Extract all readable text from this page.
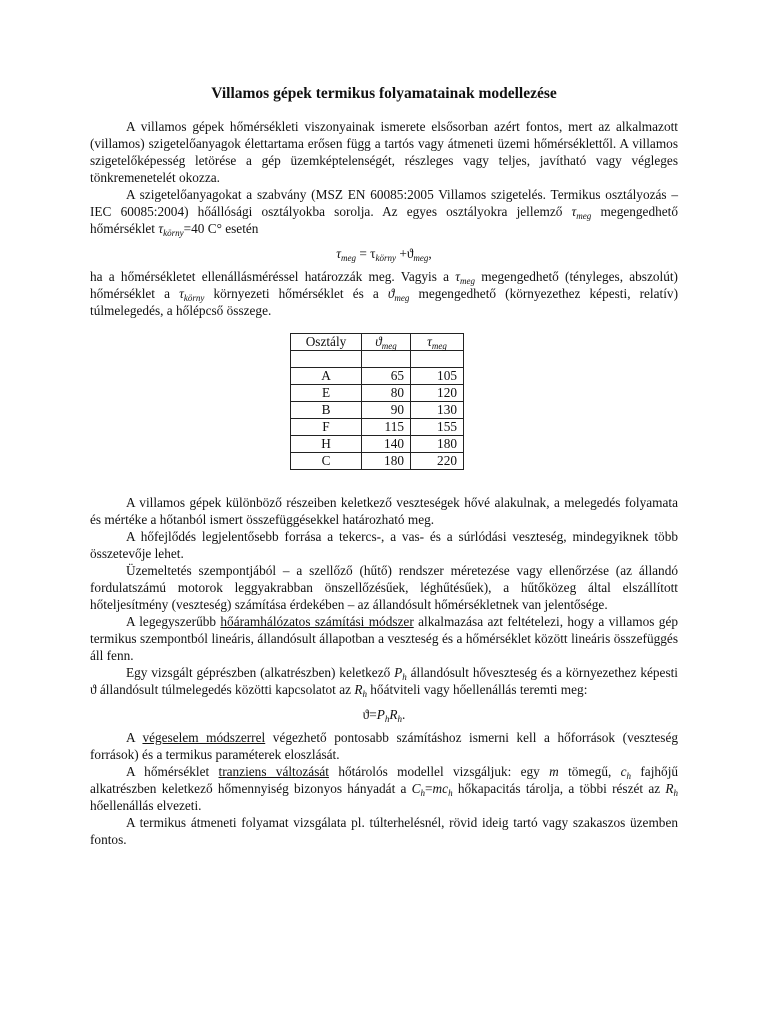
Villamos gépek termikus folyamatainak modellezése

A villamos gépek hőmérsékleti viszonyainak ismerete elsősorban azért fontos, mert az alkalmazott (villamos) szigetelőanyagok élettartama erősen függ a tartós vagy átmeneti üzemi hőmérséklettől. A villamos szigetelőképesség letörése a gép üzemképtelenségét, részleges vagy teljes, javítható vagy végleges tönkremenetelét okozza.

A szigetelőanyagokat a szabvány (MSZ EN 60085:2005 Villamos szigetelés. Termikus osztályozás – IEC 60085:2004) hőállósági osztályokba sorolja. Az egyes osztályokra jellemző $\tau_{meg}$ megengedhető hőmérséklet $\tau_{körny}=40$ C° esetén

$\tau_{meg} = \tau_{körny} +ϑ_{meg}$,

ha a hőmérsékletet ellenállásméréssel határozzák meg. Vagyis a $\tau_{meg}$ megengedhető (tényleges, abszolút) hőmérséklet a $\tau_{körny}$ környezeti hőmérséklet és a $ϑ_{meg}$ megengedhető (környezethez képesti, relatív) túlmelegedés, a hőlépcső összege.

Osztály	$ϑ_{meg}$	$\tau_{meg}$

A	65	105
E	80	120
B	90	130
F	115	155
H	140	180
C	180	220

A villamos gépek különböző részeiben keletkező veszteségek hővé alakulnak, a melegedés folyamata és mértéke a hőtanból ismert összefüggésekkel határozható meg.

A hőfejlődés legjelentősebb forrása a tekercs-, a vas- és a súrlódási veszteség, mindegyiknek több összetevője lehet.

Üzemeltetés szempontjából – a szellőző (hűtő) rendszer méretezése vagy ellenőrzése (az állandó fordulatszámú motorok leggyakrabban önszellőzésűek, léghűtésűek), a hűtőközeg által elszállított hőteljesítmény (veszteség) számítása érdekében – az állandósult hőmérsékletnek van jelentősége.

A legegyszerűbb hőáramhálózatos számítási módszer alkalmazása azt feltételezi, hogy a villamos gép termikus szempontból lineáris, állandósult állapotban a veszteség és a hőmérséklet között lineáris összefüggés áll fenn.

Egy vizsgált géprészben (alkatrészben) keletkező $P_h$ állandósult hőveszteség és a környezethez képesti ϑ állandósult túlmelegedés közötti kapcsolatot az $R_h$ hőátviteli vagy hőellenállás teremti meg:

$ϑ=P_hR_h$.

A végeselem módszerrel végezhető pontosabb számításhoz ismerni kell a hőforrások (veszteség források) és a termikus paraméterek eloszlását.

A hőmérséklet tranziens változását hőtárolós modellel vizsgáljuk: egy m tömegű, $c_h$ fajhőjű alkatrészben keletkező hőmennyiség bizonyos hányadát a $C_h=mc_h$ hőkapacitás tárolja, a többi részét az $R_h$ hőellenállás elvezeti.

A termikus átmeneti folyamat vizsgálata pl. túlterhelésnél, rövid ideig tartó vagy szakaszos üzemben fontos.
